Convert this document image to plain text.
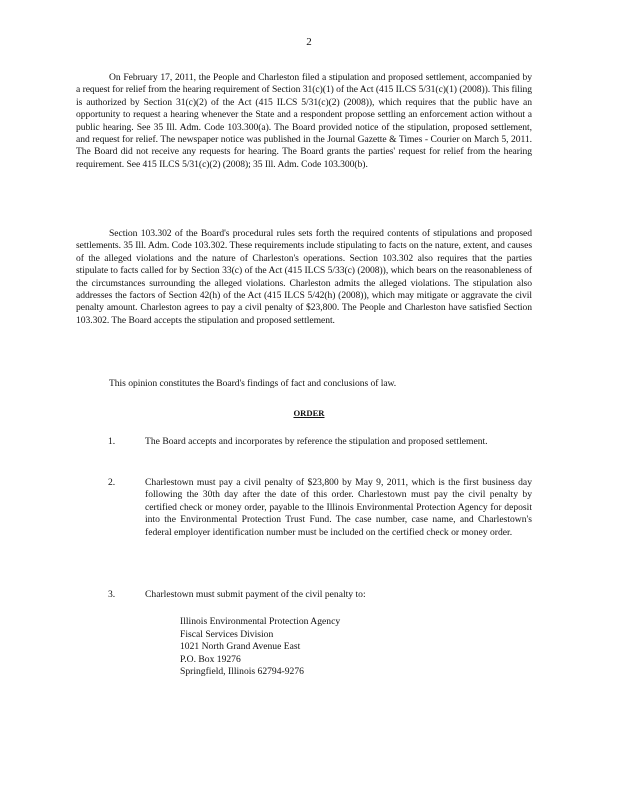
2

On February 17, 2011, the People and Charleston filed a stipulation and proposed settlement, accompanied by a request for relief from the hearing requirement of Section 31(c)(1) of the Act (415 ILCS 5/31(c)(1) (2008)). This filing is authorized by Section 31(c)(2) of the Act (415 ILCS 5/31(c)(2) (2008)), which requires that the public have an opportunity to request a hearing whenever the State and a respondent propose settling an enforcement action without a public hearing. See 35 Ill. Adm. Code 103.300(a). The Board provided notice of the stipulation, proposed settlement, and request for relief. The newspaper notice was published in the Journal Gazette & Times - Courier on March 5, 2011. The Board did not receive any requests for hearing. The Board grants the parties' request for relief from the hearing requirement. See 415 ILCS 5/31(c)(2) (2008); 35 Ill. Adm. Code 103.300(b).

Section 103.302 of the Board's procedural rules sets forth the required contents of stipulations and proposed settlements. 35 Ill. Adm. Code 103.302. These requirements include stipulating to facts on the nature, extent, and causes of the alleged violations and the nature of Charleston's operations. Section 103.302 also requires that the parties stipulate to facts called for by Section 33(c) of the Act (415 ILCS 5/33(c) (2008)), which bears on the reasonableness of the circumstances surrounding the alleged violations. Charleston admits the alleged violations. The stipulation also addresses the factors of Section 42(h) of the Act (415 ILCS 5/42(h) (2008)), which may mitigate or aggravate the civil penalty amount. Charleston agrees to pay a civil penalty of $23,800. The People and Charleston have satisfied Section 103.302. The Board accepts the stipulation and proposed settlement.

This opinion constitutes the Board's findings of fact and conclusions of law.

ORDER
1.	The Board accepts and incorporates by reference the stipulation and proposed settlement.

2.	Charlestown must pay a civil penalty of $23,800 by May 9, 2011, which is the first business day following the 30th day after the date of this order. Charlestown must pay the civil penalty by certified check or money order, payable to the Illinois Environmental Protection Agency for deposit into the Environmental Protection Trust Fund. The case number, case name, and Charlestown's federal employer identification number must be included on the certified check or money order.

3.	Charlestown must submit payment of the civil penalty to:

Illinois Environmental Protection Agency
Fiscal Services Division
1021 North Grand Avenue East
P.O. Box 19276
Springfield, Illinois 62794-9276
